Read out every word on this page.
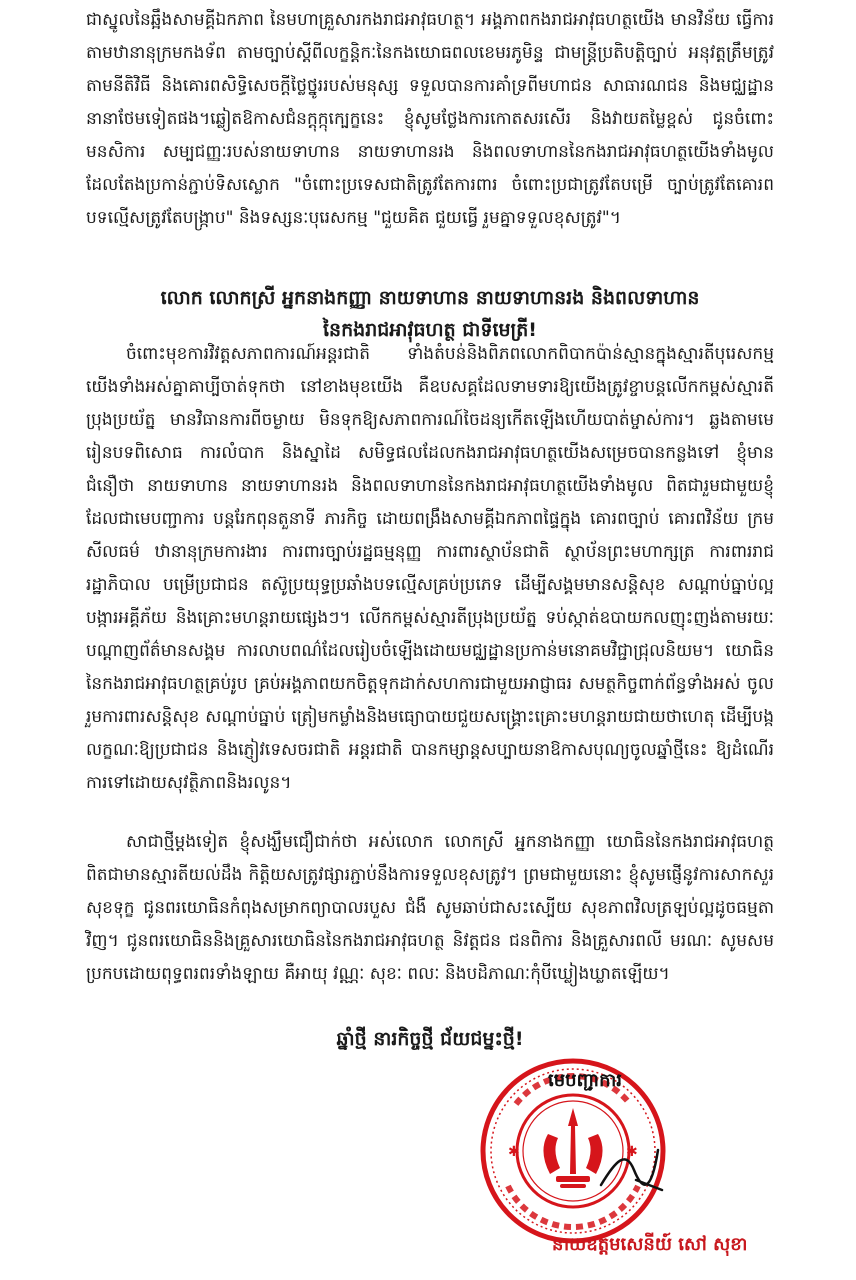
ជាស្នូលនៃឆ្អឹងសាមគ្គីឯកភាព នៃមហាគ្រួសារកងរាជអាវុធហត្ថ។ អង្គភាពកងរាជអាវុធហត្ថយើង មានវិន័យ ធ្វើការតាមឋានានុក្រមកងទ័ព តាមច្បាប់ស្តីពីលក្ខន្តិកៈនៃកងយោធពលខេមរភូមិន្ទ ជាមន្ត្រីប្រតិបត្តិច្បាប់ អនុវត្តត្រឹមត្រូវតាមនីតិវិធី និងគោរពសិទ្ធិសេចក្តីថ្លៃថ្នូររបស់មនុស្ស ទទួលបានការគាំទ្រពីមហាជន សាធារណជន និងមជ្ឈដ្ឋាននានាថែមទៀតផង។ឆ្លៀតឱកាសជំនក្តុក្កុក្បេក្ខនេះ ខ្ញុំសូមថ្លែងការកោតសរសើរ និងវាយតម្លៃខ្ពស់ ជូនចំពោះមនសិការ សម្បជញ្ញៈរបស់នាយទាហាន នាយទាហានរង និងពលទាហាននៃកងរាជអាវុធហត្ថយើងទាំងមូល ដែលតែងប្រកាន់ភ្ជាប់ទិសស្លោក "ចំពោះប្រទេសជាតិត្រូវតែការពារ ចំពោះប្រជាត្រូវតែបម្រើ ច្បាប់ត្រូវតែគោរព បទល្មើសត្រូវតែបង្ក្រាប" និងទស្សនៈបុរេសកម្ម "ជួយគិត ជួយធ្វើ រួមគ្នាទទួលខុសត្រូវ"។

លោក លោកស្រី អ្នកនាងកញ្ញា នាយទាហាន នាយទាហានរង និងពលទាហាន
នៃកងរាជអាវុធហត្ថ ជាទីមេត្រី!

ចំពោះមុខការវិវត្តសភាពការណ៍អន្តរជាតិ ទាំងតំបន់និងពិភពលោកពិបាកប៉ាន់ស្មានក្នុងស្មារតីបុរេសកម្ម យើងទាំងអស់គ្នាគាប្បីចាត់ទុកថា នៅខាងមុខយើង គឺឧបសគ្គដែលទាមទារឱ្យយើងត្រូវខ្ចាបន្តលើកកម្ពស់ស្មារតីប្រុងប្រយ័ត្ន មានវិធានការពីចម្ងាយ មិនទុកឱ្យសភាពការណ៍ចៃដន្យកើតឡើងហើយបាត់ម្ចាស់ការ។ ឆ្លងតាមមេរៀនបទពិសោធ ការលំបាក និងស្នាដៃ សមិទ្ធផលដែលកងរាជអាវុធហត្ថយើងសម្រេចបានកន្លងទៅ ខ្ញុំមានជំនឿថា នាយទាហាន នាយទាហានរង និងពលទាហាននៃកងរាជអាវុធហត្ថយើងទាំងមូល ពិតជារួមជាមួយខ្ញុំដែលជាមេបញ្ជាការ បន្តរែកពុនតួនាទី ភារកិច្ច ដោយពង្រឹងសាមគ្គីឯកភាពផ្ទៃក្នុង គោរពច្បាប់ គោរពវិន័យ ក្រមសីលធម៌ ឋានានុក្រមការងារ ការពារច្បាប់រដ្ឋធម្មនុញ្ញ ការពារស្ថាប័នជាតិ ស្ថាប័នព្រះមហាក្សត្រ ការពាររាជរដ្ឋាភិបាល បម្រើប្រជាជន តស៊ូប្រយុទ្ធប្រឆាំងបទល្មើសគ្រប់ប្រភេទ ដើម្បីសង្គមមានសន្តិសុខ សណ្តាប់ធ្នាប់ល្អ បង្ការអគ្គីភ័យ និងគ្រោះមហន្តរាយផ្សេងៗ។ លើកកម្ពស់ស្មារតីប្រុងប្រយ័ត្ន ទប់ស្កាត់ឧបាយកលញុះញង់តាមរយៈបណ្តាញព័ត៌មានសង្គម ការលាបពណ៌ដែលរៀបចំឡើងដោយមជ្ឈដ្ឋានប្រកាន់មនោគមវិជ្ជាជ្រុលនិយម។ យោធិននៃកងរាជអាវុធហត្ថគ្រប់រូប គ្រប់អង្គភាពយកចិត្តទុកដាក់សហការជាមួយអាជ្ញាធរ សមត្ថកិច្ចពាក់ព័ន្ធទាំងអស់ ចូលរួមការពារសន្តិសុខ សណ្តាប់ធ្នាប់ ត្រៀមកម្លាំងនិងមធ្យោបាយជួយសង្គ្រោះគ្រោះមហន្តរាយជាយថាហេតុ ដើម្បីបង្កលក្ខណៈឱ្យប្រជាជន និងភ្ញៀវទេសចរជាតិ អន្តរជាតិ បានកម្សាន្តសប្បាយនាឱកាសបុណ្យចូលឆ្នាំថ្មីនេះ ឱ្យដំណើរការទៅដោយសុវត្ថិភាពនិងរលូន។

សាជាថ្មីម្តងទៀត ខ្ញុំសង្ឃឹមជឿជាក់ថា អស់លោក លោកស្រី អ្នកនាងកញ្ញា យោធិននៃកងរាជអាវុធហត្ថពិតជាមានស្មារតីយល់ដឹង កិត្តិយសត្រូវផ្សារភ្ជាប់នឹងការទទួលខុសត្រូវ។ ព្រមជាមួយនោះ ខ្ញុំសូមផ្ញើនូវការសាកសួរសុខទុក្ខ ជូនពរយោធិនកំពុងសម្រាកព្យាបាលរបួស ជំងឺ សូមឆាប់ជាសះស្បើយ សុខភាពវិលត្រឡប់ល្អដូចធម្មតាវិញ។ ជូនពរយោធិននិងគ្រួសារយោធិននៃកងរាជអាវុធហត្ថ និវត្តជន ជនពិការ និងគ្រួសារពលី មរណៈ សូមសមប្រកបដោយពុទ្ធពរពរទាំងឡាយ គឺអាយុ វណ្ណៈ សុខៈ ពលៈ និងបដិភាណៈកុំបីឃ្លៀងឃ្លាតឡើយ។

ឆ្នាំថ្មី នារកិច្ចថ្មី ជ័យជម្នះថ្មី!
✱	✱
មេបញ្ជាការ
នាយឧត្តមសេនីយ៍ សៅ សុខា
